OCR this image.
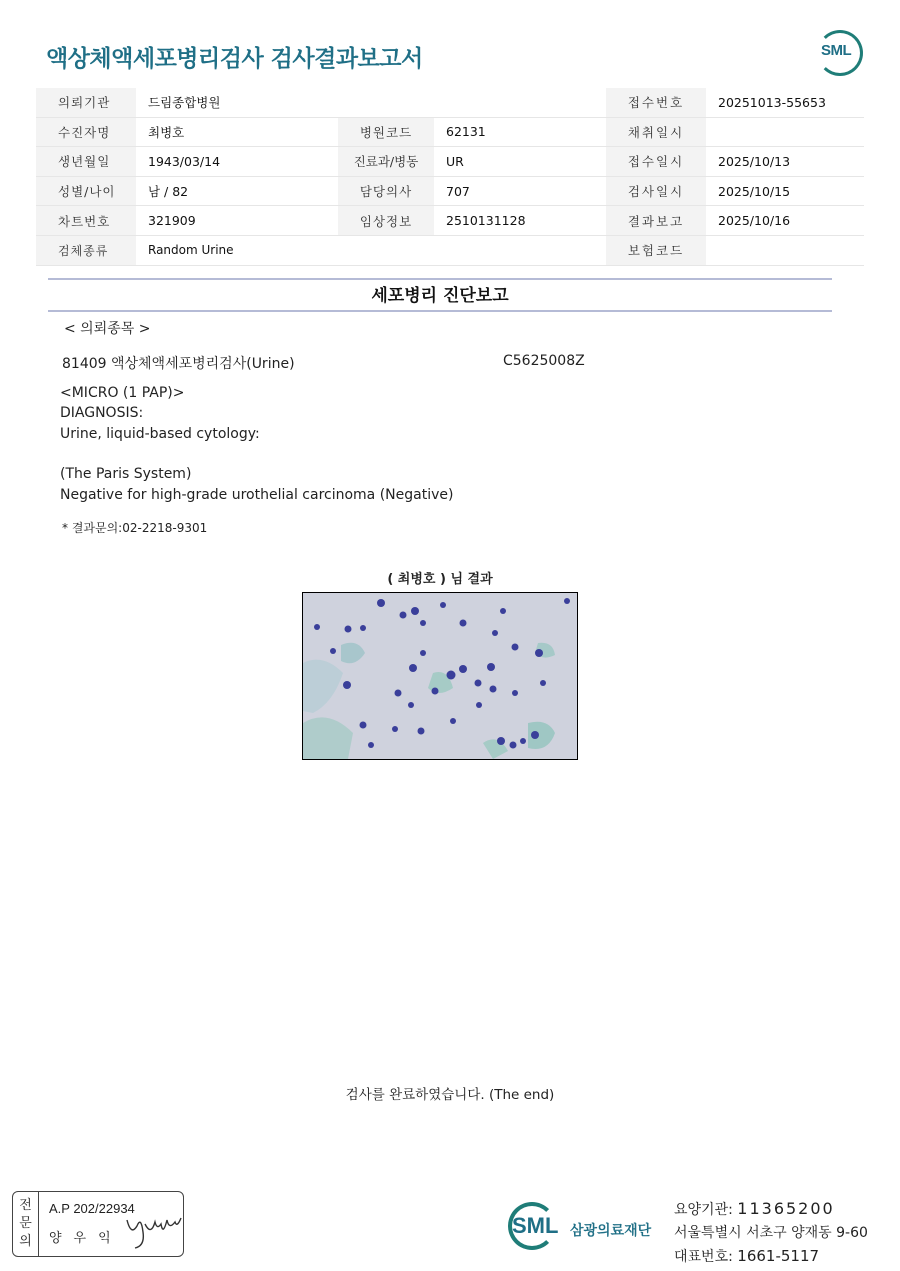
액상체액세포병리검사 검사결과보고서	SML
의뢰기관	드림종합병원				접수번호	20251013-55653
수진자명	최병호	병원코드	62131		채취일시	
생년월일	1943/03/14	진료과/병동	UR		접수일시	2025/10/13
성별/나이	남 / 82	담당의사	707		검사일시	2025/10/15
차트번호	321909	임상정보	2510131128		결과보고	2025/10/16
검체종류	Random Urine				보험코드	
세포병리 진단보고
< 의뢰종목 >
81409 액상체액세포병리검사(Urine)	C5625008Z
<MICRO (1 PAP)>
DIAGNOSIS:
Urine, liquid-based cytology:
(The Paris System)
Negative for high-grade urothelial carcinoma (Negative)
* 결과문의:02-2218-9301
( 최병호 ) 님 결과
검사를 완료하였습니다. (The end)
전문의
A.P 202/22934
양우익
SML 삼광의료재단
요양기관: 11365200
서울특별시 서초구 양재동 9-60
대표번호: 1661-5117
